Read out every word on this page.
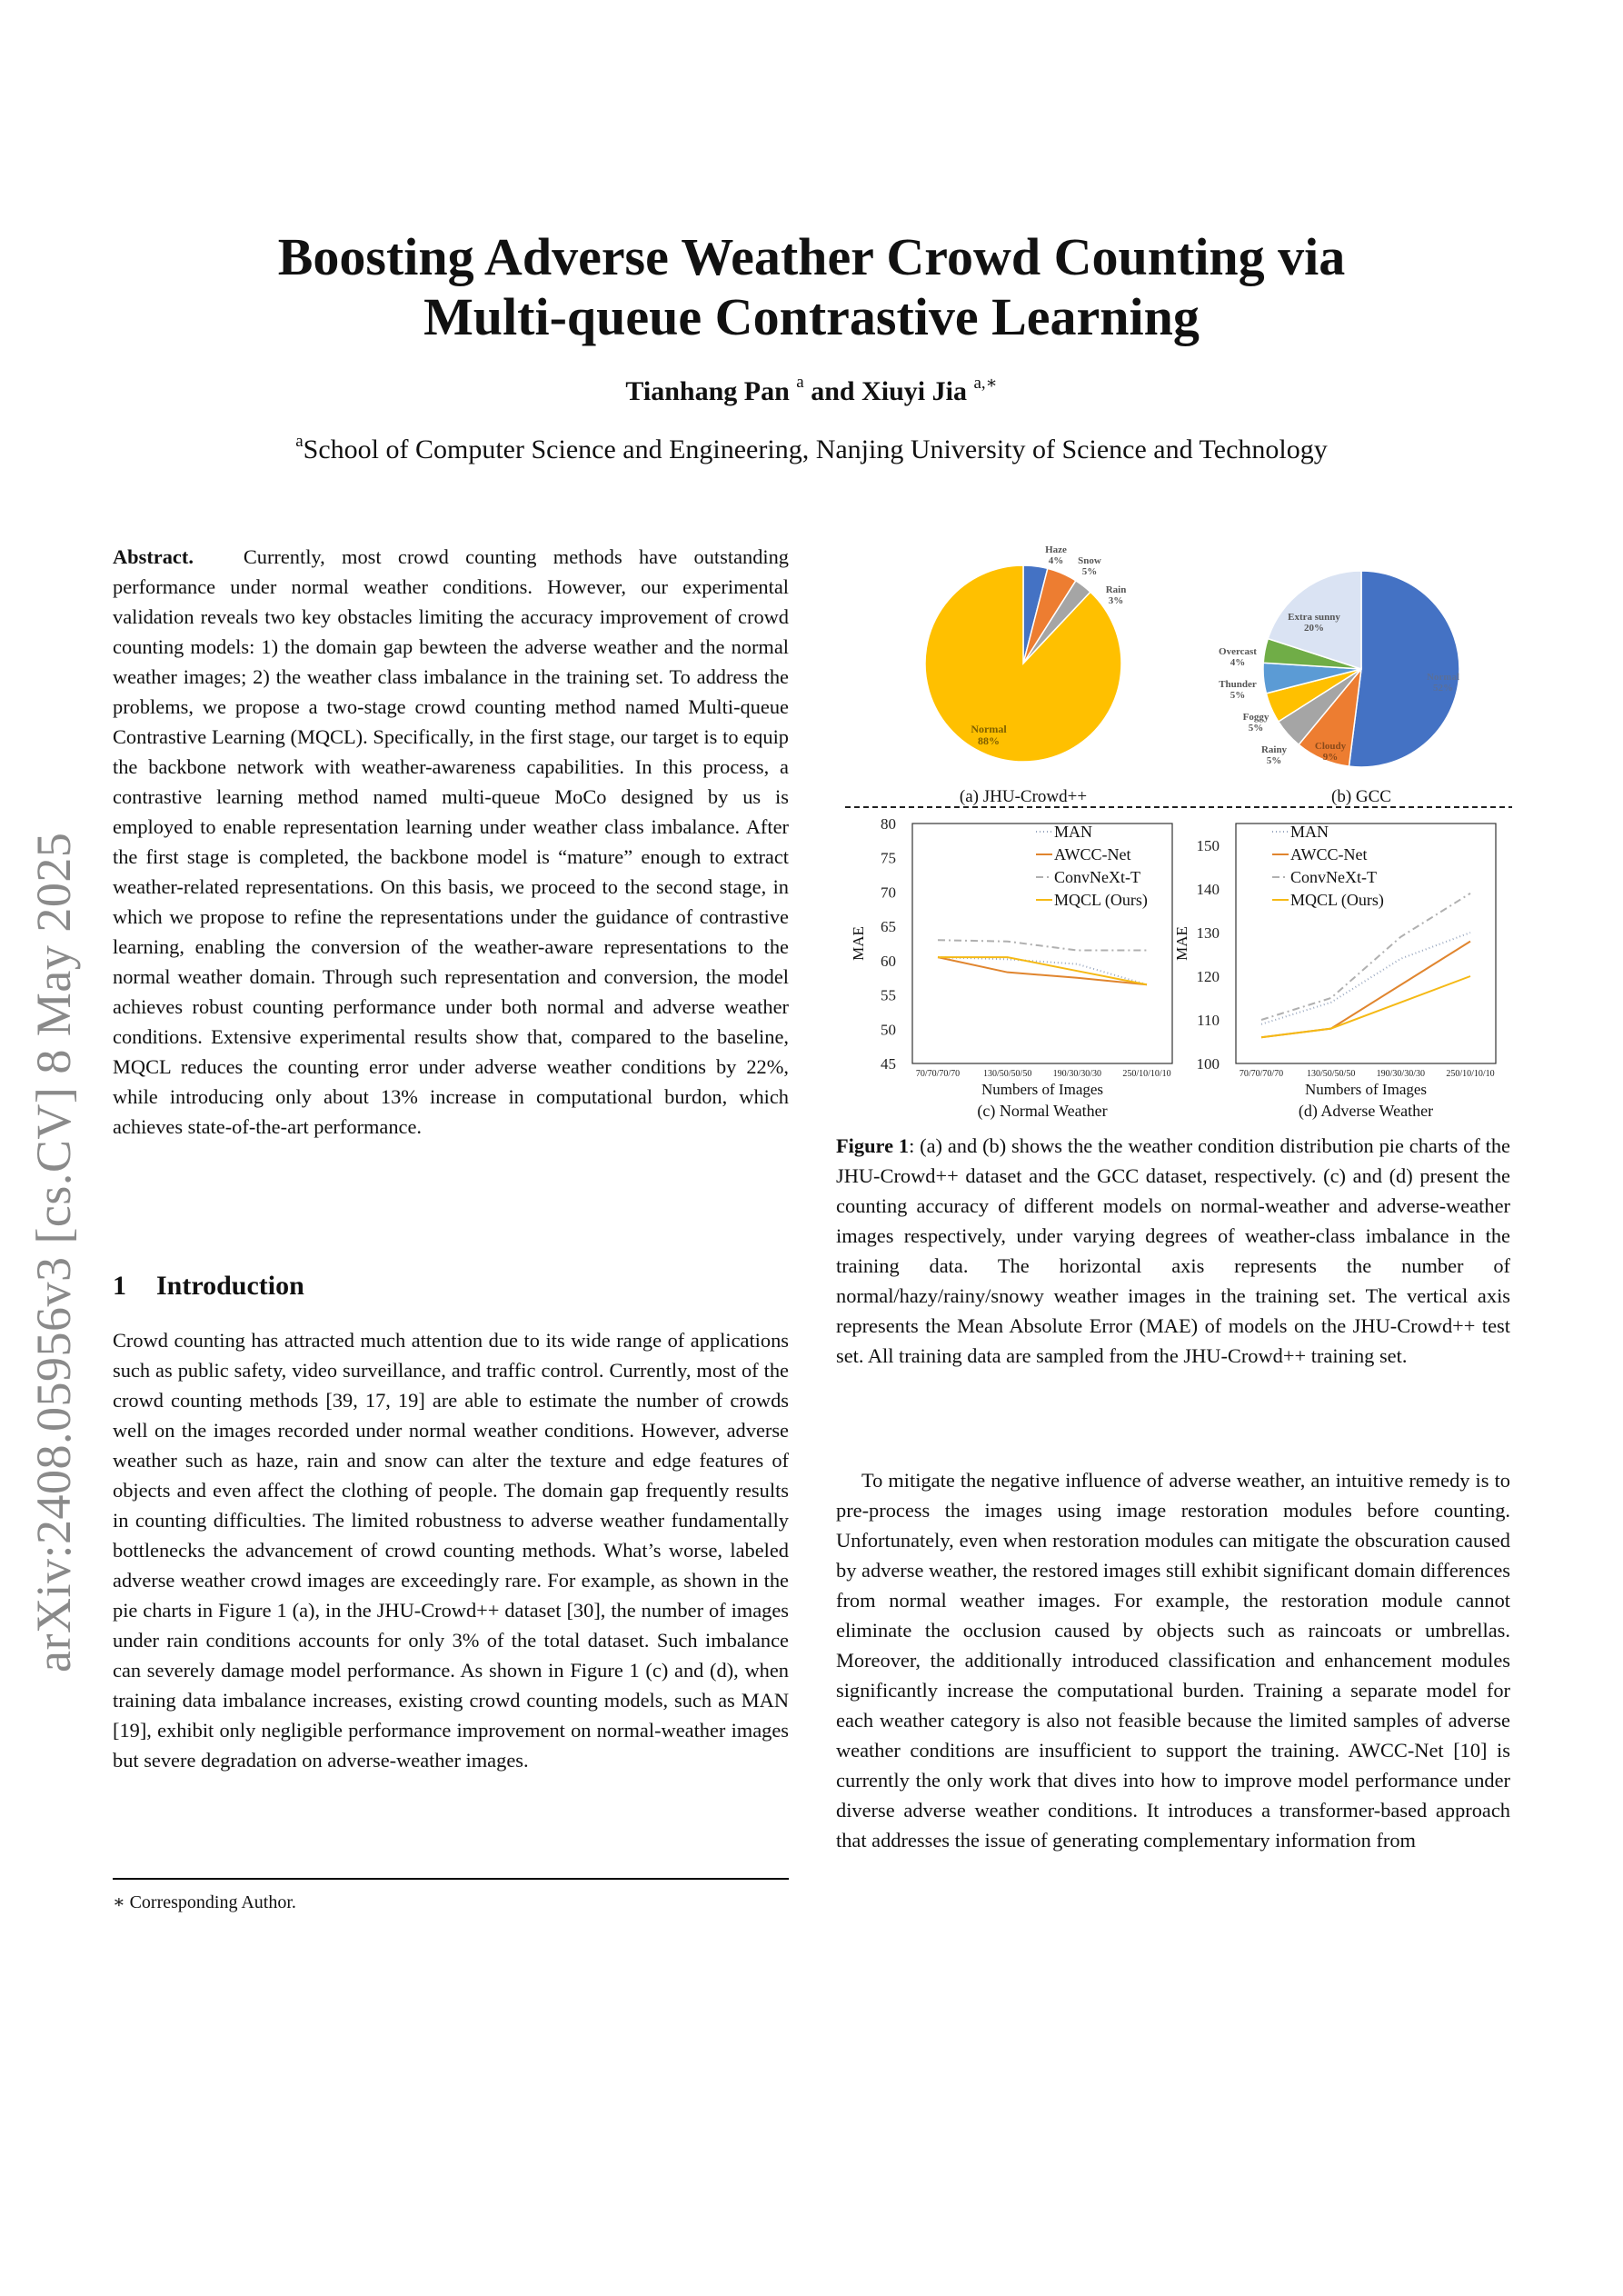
Boosting Adverse Weather Crowd Counting via
Multi-queue Contrastive Learning
Tianhang Pan $^a$ and Xiuyi Jia $^{a,∗}$
$^a$School of Computer Science and Engineering, Nanjing University of Science and Technology
arXiv:2408.05956v3 [cs.CV] 8 May 2025

Abstract. Currently, most crowd counting methods have outstanding performance under normal weather conditions. However, our experimental validation reveals two key obstacles limiting the accuracy improvement of crowd counting models: 1) the domain gap bewteen the adverse weather and the normal weather images; 2) the weather class imbalance in the training set. To address the problems, we propose a two-stage crowd counting method named Multi-queue Contrastive Learning (MQCL). Specifically, in the first stage, our target is to equip the backbone network with weather-awareness capabilities. In this process, a contrastive learning method named multi-queue MoCo designed by us is employed to enable representation learning under weather class imbalance. After the first stage is completed, the backbone model is “mature” enough to extract weather-related representations. On this basis, we proceed to the second stage, in which we propose to refine the representations under the guidance of contrastive learning, enabling the conversion of the weather-aware representations to the normal weather domain. Through such representation and conversion, the model achieves robust counting performance under both normal and adverse weather conditions. Extensive experimental results show that, compared to the baseline, MQCL reduces the counting error under adverse weather conditions by 22%, while introducing only about 13% increase in computational burdon, which achieves state-of-the-art performance.

1 Introduction

Crowd counting has attracted much attention due to its wide range of applications such as public safety, video surveillance, and traffic control. Currently, most of the crowd counting methods [39, 17, 19] are able to estimate the number of crowds well on the images recorded under normal weather conditions. However, adverse weather such as haze, rain and snow can alter the texture and edge features of objects and even affect the clothing of people. The domain gap frequently results in counting difficulties. The limited robustness to adverse weather fundamentally bottlenecks the advancement of crowd counting methods. What’s worse, labeled adverse weather crowd images are exceedingly rare. For example, as shown in the pie charts in Figure 1 (a), in the JHU-Crowd++ dataset [30], the number of images under rain conditions accounts for only 3% of the total dataset. Such imbalance can severely damage model performance. As shown in Figure 1 (c) and (d), when training data imbalance increases, existing crowd counting models, such as MAN [19], exhibit only negligible performance improvement on normal-weather images but severe degradation on adverse-weather images.

∗ Corresponding Author.
Haze
4% Snow
5%
Rain
3%
Normal
88%
(a) JHU-Crowd++
Normal
52%
Cloudy
9%
Rainy
5%
Foggy
5%
Thunder
5%
Overcast
4%
Extra sunny
20%
(b) GCC
45
50
55
60
65
70
75
80
70/70/70/70	130/50/50/50 190/30/30/30 250/10/10/10
Numbers of Images
MAE
MAN
AWCC-Net
ConvNeXt-T
MQCL (Ours)
(c) Normal Weather
100
110
120
130
140
150
70/70/70/70	130/50/50/50 190/30/30/30 250/10/10/10
Numbers of Images
MAE
MAN
AWCC-Net
ConvNeXt-T
MQCL (Ours)
(d) Adverse Weather
Figure 1: (a) and (b) shows the the weather condition distribution pie charts of the JHU-Crowd++ dataset and the GCC dataset, respectively. (c) and (d) present the counting accuracy of different models on normal-weather and adverse-weather images respectively, under varying degrees of weather-class imbalance in the training data. The horizontal axis represents the number of normal/hazy/rainy/snowy weather images in the training set. The vertical axis represents the Mean Absolute Error (MAE) of models on the JHU-Crowd++ test set. All training data are sampled from the JHU-Crowd++ training set.

To mitigate the negative influence of adverse weather, an intuitive remedy is to pre-process the images using image restoration modules before counting. Unfortunately, even when restoration modules can mitigate the obscuration caused by adverse weather, the restored images still exhibit significant domain differences from normal weather images. For example, the restoration module cannot eliminate the occlusion caused by objects such as raincoats or umbrellas. Moreover, the additionally introduced classification and enhancement modules significantly increase the computational burden. Training a separate model for each weather category is also not feasible because the limited samples of adverse weather conditions are insufficient to support the training. AWCC-Net [10] is currently the only work that dives into how to improve model performance under diverse adverse weather conditions. It introduces a transformer-based approach that addresses the issue of generating complementary information from
